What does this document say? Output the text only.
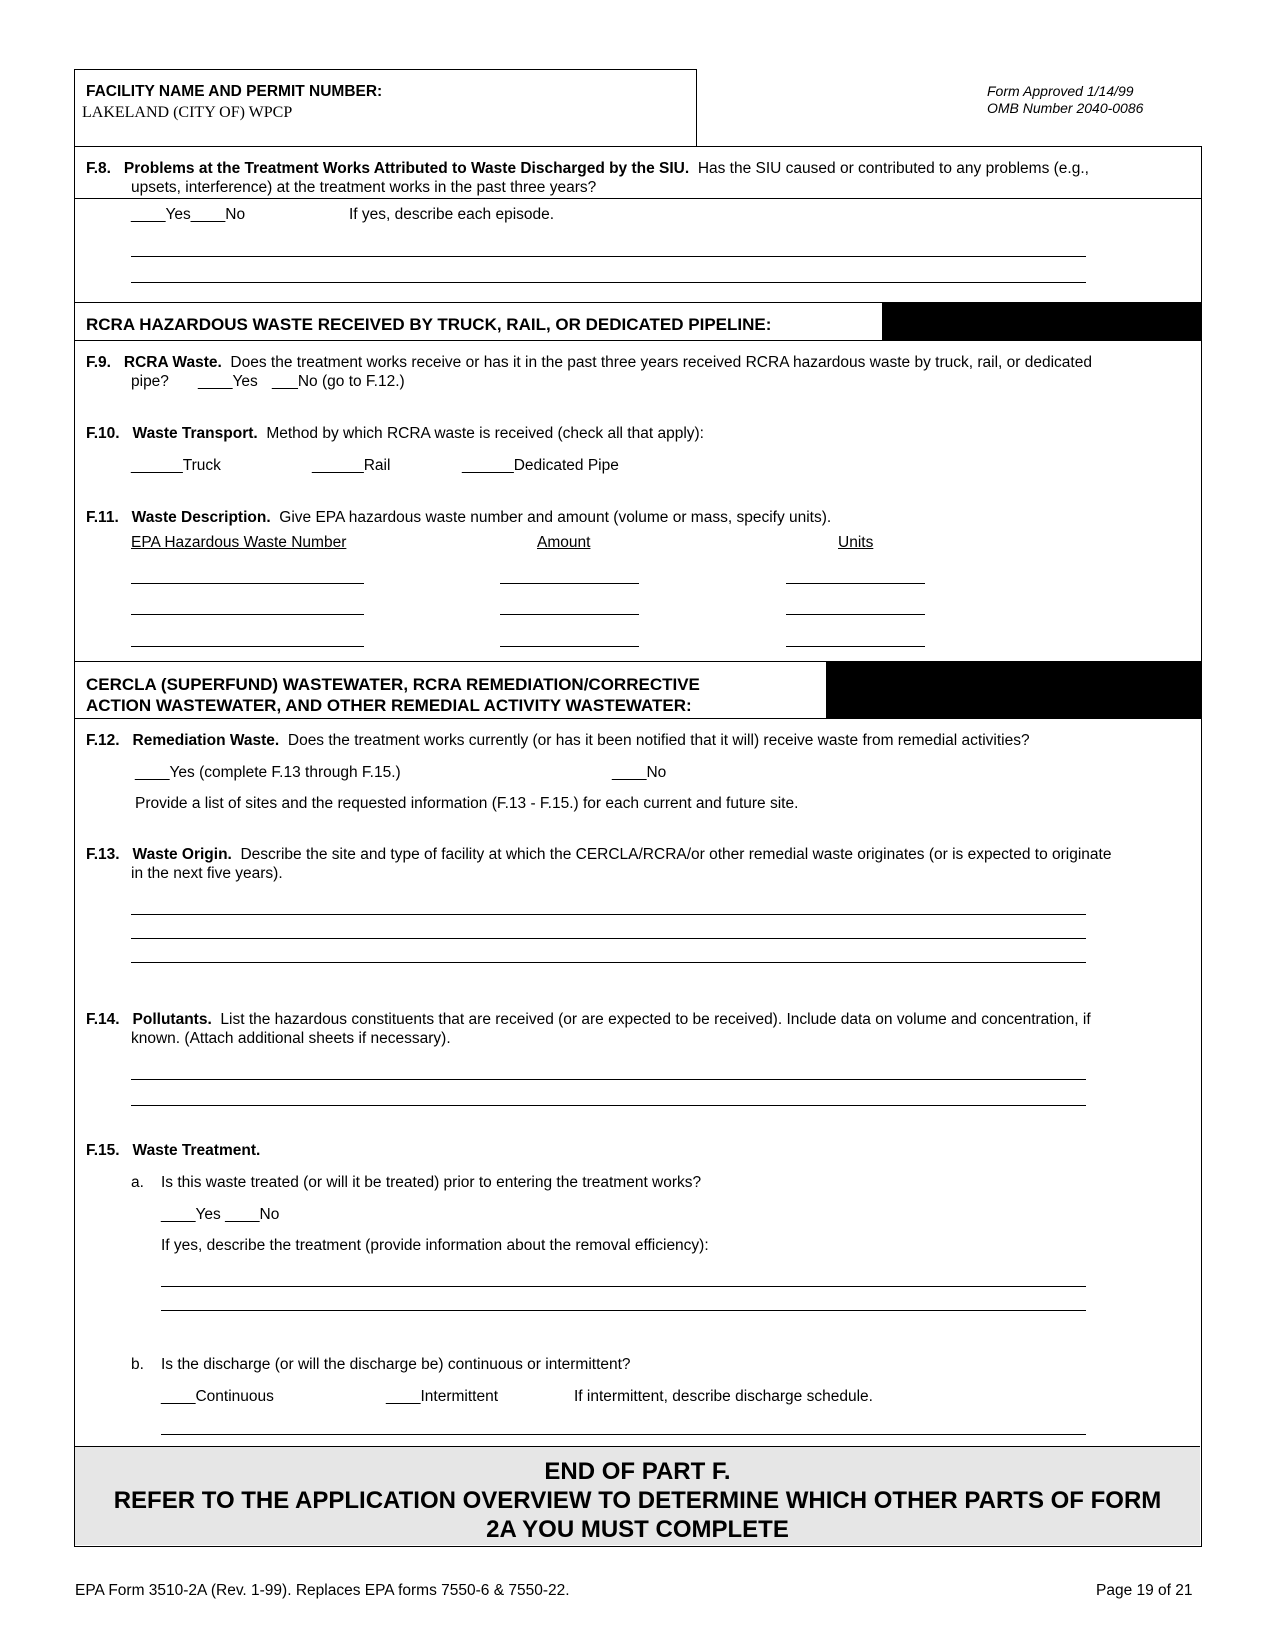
FACILITY NAME AND PERMIT NUMBER:
LAKELAND (CITY OF) WPCP
Form Approved 1/14/99
OMB Number 2040-0086
F.8. Problems at the Treatment Works Attributed to Waste Discharged by the SIU. Has the SIU caused or contributed to any problems (e.g.,
upsets, interference) at the treatment works in the past three years?
____Yes____No	If yes, describe each episode.
RCRA HAZARDOUS WASTE RECEIVED BY TRUCK, RAIL, OR DEDICATED PIPELINE:
F.9. RCRA Waste. Does the treatment works receive or has it in the past three years received RCRA hazardous waste by truck, rail, or dedicated
pipe? ____Yes ___No (go to F.12.)
F.10. Waste Transport. Method by which RCRA waste is received (check all that apply):
______Truck	______Rail	______Dedicated Pipe
F.11. Waste Description. Give EPA hazardous waste number and amount (volume or mass, specify units).
EPA Hazardous Waste Number	Amount	Units
CERCLA (SUPERFUND) WASTEWATER, RCRA REMEDIATION/CORRECTIVE
ACTION WASTEWATER, AND OTHER REMEDIAL ACTIVITY WASTEWATER:
F.12. Remediation Waste. Does the treatment works currently (or has it been notified that it will) receive waste from remedial activities?
____Yes (complete F.13 through F.15.)	____No
Provide a list of sites and the requested information (F.13 - F.15.) for each current and future site.
F.13. Waste Origin. Describe the site and type of facility at which the CERCLA/RCRA/or other remedial waste originates (or is expected to originate
in the next five years).
F.14. Pollutants. List the hazardous constituents that are received (or are expected to be received). Include data on volume and concentration, if
known. (Attach additional sheets if necessary).
F.15. Waste Treatment.
a. Is this waste treated (or will it be treated) prior to entering the treatment works?
____Yes ____No
If yes, describe the treatment (provide information about the removal efficiency):
b. Is the discharge (or will the discharge be) continuous or intermittent?
____Continuous	____Intermittent	If intermittent, describe discharge schedule.
END OF PART F.
REFER TO THE APPLICATION OVERVIEW TO DETERMINE WHICH OTHER PARTS OF FORM
2A YOU MUST COMPLETE
EPA Form 3510-2A (Rev. 1-99). Replaces EPA forms 7550-6 & 7550-22.	Page 19 of 21
